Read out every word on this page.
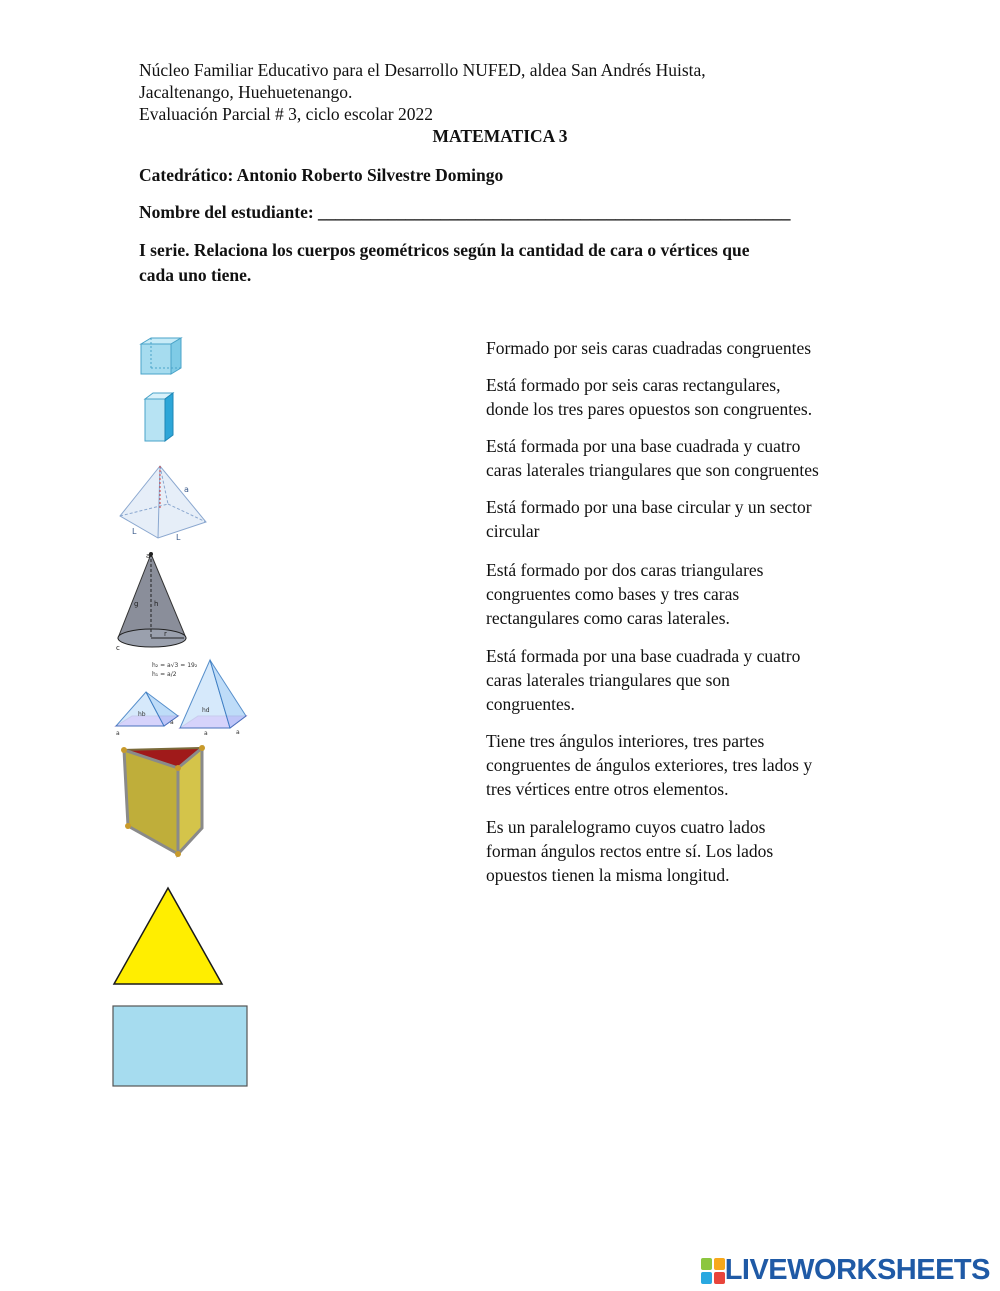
Núcleo Familiar Educativo para el Desarrollo NUFED, aldea San Andrés Huista,
Jacaltenango, Huehuetenango.
Evaluación Parcial # 3, ciclo escolar 2022
MATEMATICA 3
Catedrático: Antonio Roberto Silvestre Domingo
Nombre del estudiante: ______________________________________________________
I serie. Relaciona los cuerpos geométricos según la cantidad de cara o vértices que
cada uno tiene.
L
L
a
a
g h
r
c
h₂ = a√3 = 19₂
h₁ = a/2
hb
hd
a
a
a	a
Formado por seis caras cuadradas congruentes
Está formado por seis caras rectangulares,
donde los tres pares opuestos son congruentes.
Está formada por una base cuadrada y cuatro
caras laterales triangulares que son congruentes
Está formado por una base circular y un sector
circular
Está formado por dos caras triangulares
congruentes como bases y tres caras
rectangulares como caras laterales.
Está formada por una base cuadrada y cuatro
caras laterales triangulares que son
congruentes.
Tiene tres ángulos interiores, tres partes
congruentes de ángulos exteriores, tres lados y
tres vértices entre otros elementos.
Es un paralelogramo cuyos cuatro lados
forman ángulos rectos entre sí. Los lados
opuestos tienen la misma longitud.
LIVEWORKSHEETS
